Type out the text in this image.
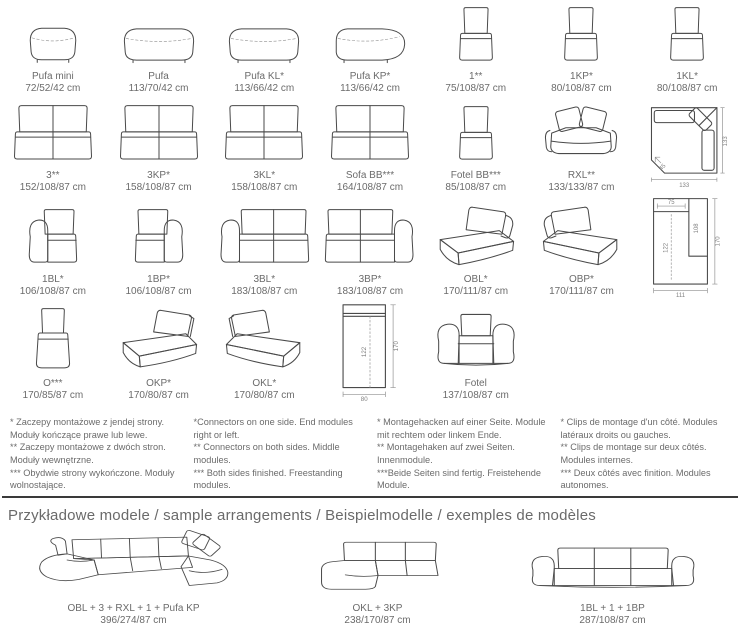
Pufa mini
72/52/42 cm
Pufa
113/70/42 cm
Pufa KL*
113/66/42 cm
Pufa KP*
113/66/42 cm
1**
75/108/87 cm
1KP*
80/108/87 cm
1KL*
80/108/87 cm
3**
152/108/87 cm
3KP*
158/108/87 cm
3KL*
158/108/87 cm
Sofa BB***
164/108/87 cm
Fotel BB***
85/108/87 cm
RXL**
133/133/87 cm
45
133
133
1BL*
106/108/87 cm
1BP*
106/108/87 cm
3BL*
183/108/87 cm
3BP*
183/108/87 cm
OBL*
170/111/87 cm
OBP*
170/111/87 cm
75
108
122
170
111
O***
170/85/87 cm
OKP*
170/80/87 cm
OKL*
170/80/87 cm
122
170
80
Fotel
137/108/87 cm

* Zaczepy montażowe z jendej strony. Moduły kończące prawe lub lewe.

** Zaczepy montażowe z dwóch stron. Moduły wewnętrzne.

*** Obydwie strony wykończone. Moduły wolnostające.

*Connectors on one side. End modules right or left.

** Connectors on both sides. Middle modules.

*** Both sides finished. Freestanding modules.

* Montagehacken auf einer Seite. Module mit rechtem oder linkem Ende.

** Montagehaken auf zwei Seiten. Innenmodule.

***Beide Seiten sind fertig. Freistehende Module.

* Clips de montage d'un côté. Modules latéraux droits ou gauches.

** Clips de montage sur deux côtés. Modules internes.

*** Deux côtés avec finition. Modules autonomes.

Przykładowe modele / sample arrangements / Beispielmodelle / exemples de modèles
OBL + 3 + RXL + 1 + Pufa KP
396/274/87 cm
OKL + 3KP
238/170/87 cm
1BL + 1 + 1BP
287/108/87 cm
